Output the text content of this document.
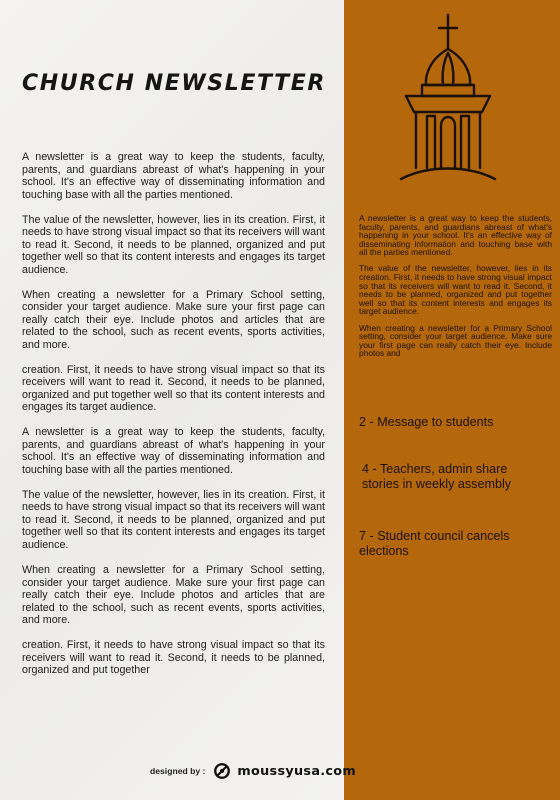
CHURCH NEWSLETTER

A newsletter is a great way to keep the students, faculty, parents, and guardians abreast of what's happening in your school. It's an effective way of disseminating information and touching base with all the parties mentioned.

The value of the newsletter, however, lies in its creation. First, it needs to have strong visual impact so that its receivers will want to read it. Second, it needs to be planned, organized and put together well so that its content interests and engages its target audience.

When creating a newsletter for a Primary School setting, consider your target audience. Make sure your first page can really catch their eye. Include photos and articles that are related to the school, such as recent events, sports activities, and more.

creation. First, it needs to have strong visual impact so that its receivers will want to read it. Second, it needs to be planned, organized and put together well so that its content interests and engages its target audience.

A newsletter is a great way to keep the students, faculty, parents, and guardians abreast of what's happening in your school. It's an effective way of disseminating information and touching base with all the parties mentioned.

The value of the newsletter, however, lies in its creation. First, it needs to have strong visual impact so that its receivers will want to read it. Second, it needs to be planned, organized and put together well so that its content interests and engages its target audience.

When creating a newsletter for a Primary School setting, consider your target audience. Make sure your first page can really catch their eye. Include photos and articles that are related to the school, such as recent events, sports activities, and more.

creation. First, it needs to have strong visual impact so that its receivers will want to read it. Second, it needs to be planned, organized and put together

A newsletter is a great way to keep the students, faculty, parents, and guardians abreast of what's happening in your school. It's an effective way of disseminating information and touching base with all the parties mentioned.

The value of the newsletter, however, lies in its creation. First, it needs to have strong visual impact so that its receivers will want to read it. Second, it needs to be planned, organized and put together well so that its content interests and engages its target audience.

When creating a newsletter for a Primary School setting, consider your target audience. Make sure your first page can really catch their eye. Include photos and

2 - Message to students
4 - Teachers, admin share stories in weekly assembly
7 - Student council cancels elections
designed by :	moussyusa.com
